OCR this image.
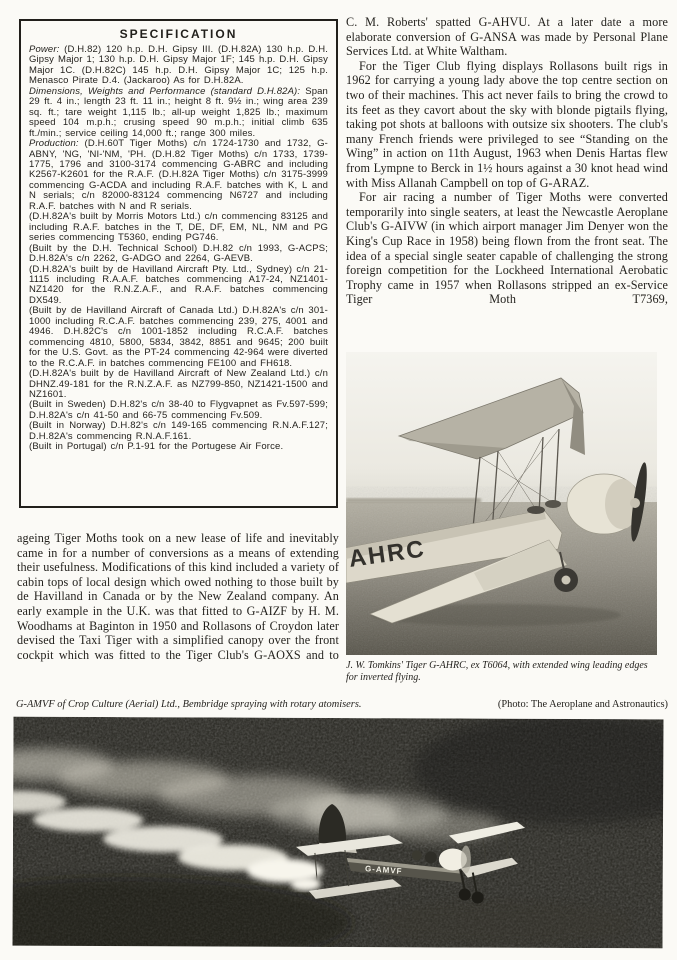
SPECIFICATION

Power: (D.H.82) 120 h.p. D.H. Gipsy III. (D.H.82A) 130 h.p. D.H. Gipsy Major 1; 130 h.p. D.H. Gipsy Major 1F; 145 h.p. D.H. Gipsy Major 1C. (D.H.82C) 145 h.p. D.H. Gipsy Major 1C; 125 h.p. Menasco Pirate D.4. (Jackaroo) As for D.H.82A.

Dimensions, Weights and Performance (standard D.H.82A): Span 29 ft. 4 in.; length 23 ft. 11 in.; height 8 ft. 9½ in.; wing area 239 sq. ft.; tare weight 1,115 lb.; all-up weight 1,825 lb.; maximum speed 104 m.p.h.; crusing speed 90 m.p.h.; initial climb 635 ft./min.; service ceiling 14,000 ft.; range 300 miles.

Production: (D.H.60T Tiger Moths) c/n 1724-1730 and 1732, G-ABNY, 'NG, 'NI-'NM, 'PH. (D.H.82 Tiger Moths) c/n 1733, 1739-1775, 1796 and 3100-3174 commencing G-ABRC and including K2567-K2601 for the R.A.F. (D.H.82A Tiger Moths) c/n 3175-3999 commencing G-ACDA and including R.A.F. batches with K, L and N serials; c/n 82000-83124 commencing N6727 and including R.A.F. batches with N and R serials.

(D.H.82A's built by Morris Motors Ltd.) c/n commencing 83125 and including R.A.F. batches in the T, DE, DF, EM, NL, NM and PG series commencing T5360, ending PG746.

(Built by the D.H. Technical School) D.H.82 c/n 1993, G-ACPS; D.H.82A's c/n 2262, G-ADGO and 2264, G-AEVB.

(D.H.82A's built by de Havilland Aircraft Pty. Ltd., Sydney) c/n 21-1115 including R.A.A.F. batches commencing A17-24, NZ1401-NZ1420 for the R.N.Z.A.F., and R.A.F. batches commencing DX549.

(Built by de Havilland Aircraft of Canada Ltd.) D.H.82A's c/n 301-1000 including R.C.A.F. batches commencing 239, 275, 4001 and 4946. D.H.82C's c/n 1001-1852 including R.C.A.F. batches commencing 4810, 5800, 5834, 3842, 8851 and 9645; 200 built for the U.S. Govt. as the PT-24 commencing 42-964 were diverted to the R.C.A.F. in batches commencing FE100 and FH618.

(D.H.82A's built by de Havilland Aircraft of New Zealand Ltd.) c/n DHNZ.49-181 for the R.N.Z.A.F. as NZ799-850, NZ1421-1500 and NZ1601.

(Built in Sweden) D.H.82's c/n 38-40 to Flygvapnet as Fv.597-599; D.H.82A's c/n 41-50 and 66-75 commencing Fv.509.

(Built in Norway) D.H.82's c/n 149-165 commencing R.N.A.F.127; D.H.82A's commencing R.N.A.F.161.

(Built in Portugal) c/n P.1-91 for the Portugese Air Force.

C. M. Roberts' spatted G-AHVU. At a later date a more elaborate conversion of G-ANSA was made by Personal Plane Services Ltd. at White Waltham.

For the Tiger Club flying displays Rollasons built rigs in 1962 for carrying a young lady above the top centre section on two of their machines. This act never fails to bring the crowd to its feet as they cavort about the sky with blonde pigtails flying, taking pot shots at balloons with outsize six shooters. The club's many French friends were privileged to see “Standing on the Wing” in action on 11th August, 1963 when Denis Hartas flew from Lympne to Berck in 1½ hours against a 30 knot head wind with Miss Allanah Campbell on top of G-ARAZ.

For air racing a number of Tiger Moths were converted temporarily into single seaters, at least the Newcastle Aeroplane Club's G-AIVW (in which airport manager Jim Denyer won the King's Cup Race in 1958) being flown from the front seat. The idea of a special single seater capable of challenging the strong foreign competition for the Lockheed International Aerobatic Trophy came in 1957 when Rollasons stripped an ex-Service Tiger Moth T7369,

AHRC
J. W. Tomkins' Tiger G-AHRC, ex T6064, with extended wing leading edges for inverted flying.

ageing Tiger Moths took on a new lease of life and inevitably came in for a number of conversions as a means of extending their usefulness. Modifications of this kind included a variety of cabin tops of local design which owed nothing to those built by de Havilland in Canada or by the New Zealand company. An early example in the U.K. was that fitted to G-AIZF by H. M. Woodhams at Baginton in 1950 and Rollasons of Croydon later devised the Taxi Tiger with a simplified canopy over the front cockpit which was fitted to the Tiger Club's G-AOXS and to

G-AMVF of Crop Culture (Aerial) Ltd., Bembridge spraying with rotary atomisers.	(Photo: The Aeroplane and Astronautics)
G-AMVF
